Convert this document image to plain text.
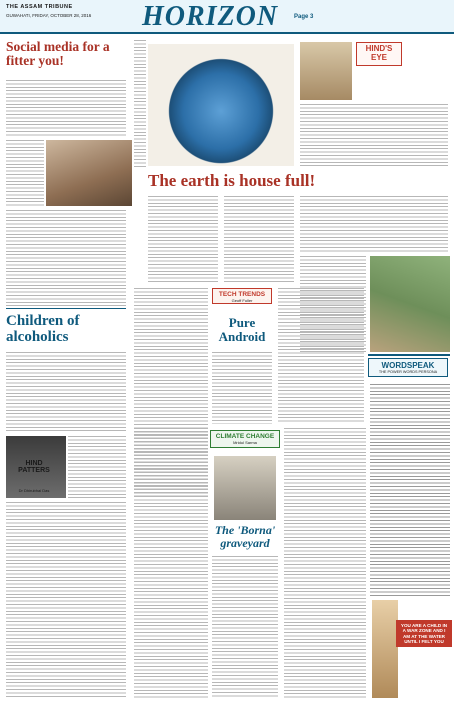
THE ASSAM TRIBUNE
GUWAHATI, FRIDAY, OCTOBER 28, 2016 HORIZON	Page 3
Social media for a fitter you!
HIND'S EYE
The earth is house full!
Children of alcoholics
HIND PATTERS
Dr Dhirubhai Das
TECH TRENDS
Geoff Fuller
Pure Android
CLIMATE CHANGE
Mridul Sarma
The 'Borna' graveyard
WORDSPEAK
THE POWER WORDS PERSONA
YOU ARE A CHILD IN A WAR ZONE AND I AM AT THE WATER UNTIL I FELT YOU
